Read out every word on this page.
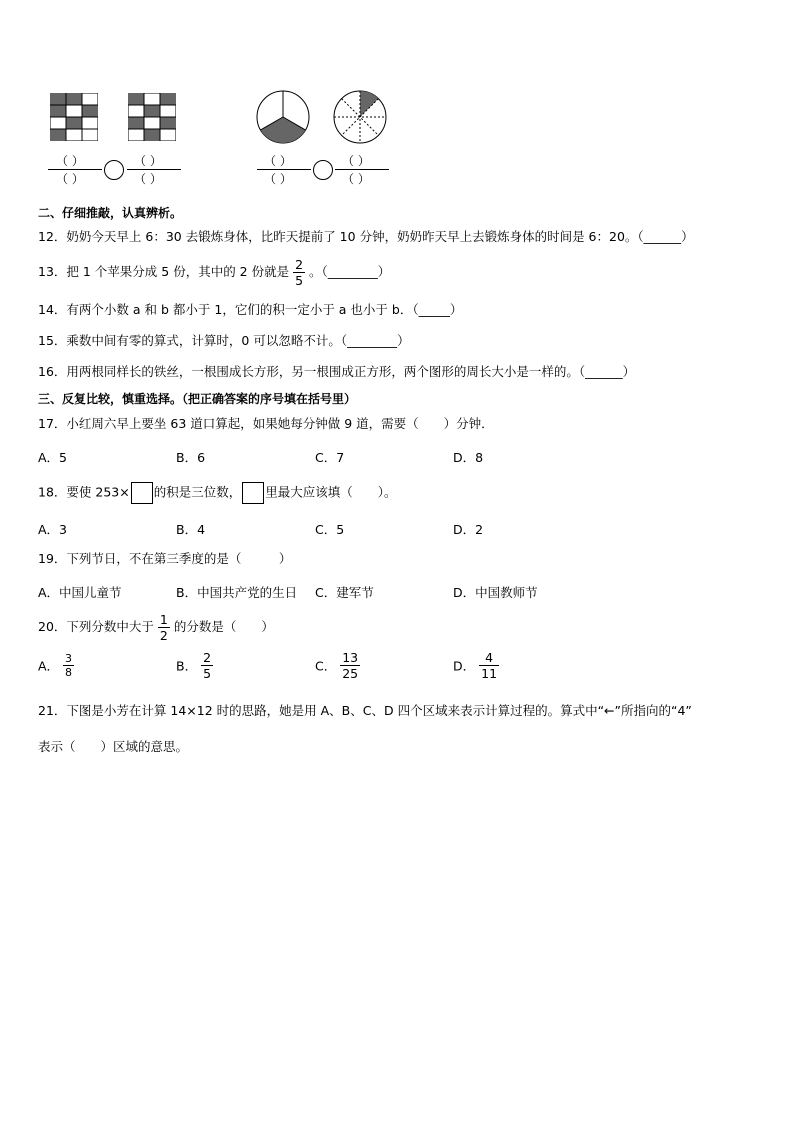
（ ）
（ ）
（ ）
（ ）
（ ）
（ ）
（ ）
（ ）
二、仔细推敲，认真辨析。
12．奶奶今天早上 6：30 去锻炼身体，比昨天提前了 10 分钟，奶奶昨天早上去锻炼身体的时间是 6：20。（______）
13．把 1 个苹果分成 5 份，其中的 2 份就是 $\frac{2}{5}$ 。（________）
14．有两个小数 a 和 b 都小于 1，它们的积一定小于 a 也小于 b．（_____）
15．乘数中间有零的算式，计算时，0 可以忽略不计。（________）
16．用两根同样长的铁丝，一根围成长方形，另一根围成正方形，两个图形的周长大小是一样的。（______）
三、反复比较，慎重选择。（把正确答案的序号填在括号里）
17．小红周六早上要坐 63 道口算起，如果她每分钟做 9 道，需要（　　）分钟．
A．5	B．6	C．7	D．8
18．要使 253× 的积是三位数， 里最大应该填（　　）。
A．3	B．4	C．5	D．2
19．下列节日，不在第三季度的是（　　　）
A．中国儿童节	B．中国共产党的生日 C．建军节	D．中国教师节
20．下列分数中大于 $\frac{1}{2}$ 的分数是（　　）
A． $\frac{3}{8}$	B． $\frac{2}{5}$	C． $\frac{13}{25}$	D． $\frac{4}{11}$
21．下图是小芳在计算 14×12 时的思路，她是用 A、B、C、D 四个区域来表示计算过程的。算式中“←”所指向的“4”
表示（　　）区域的意思。
